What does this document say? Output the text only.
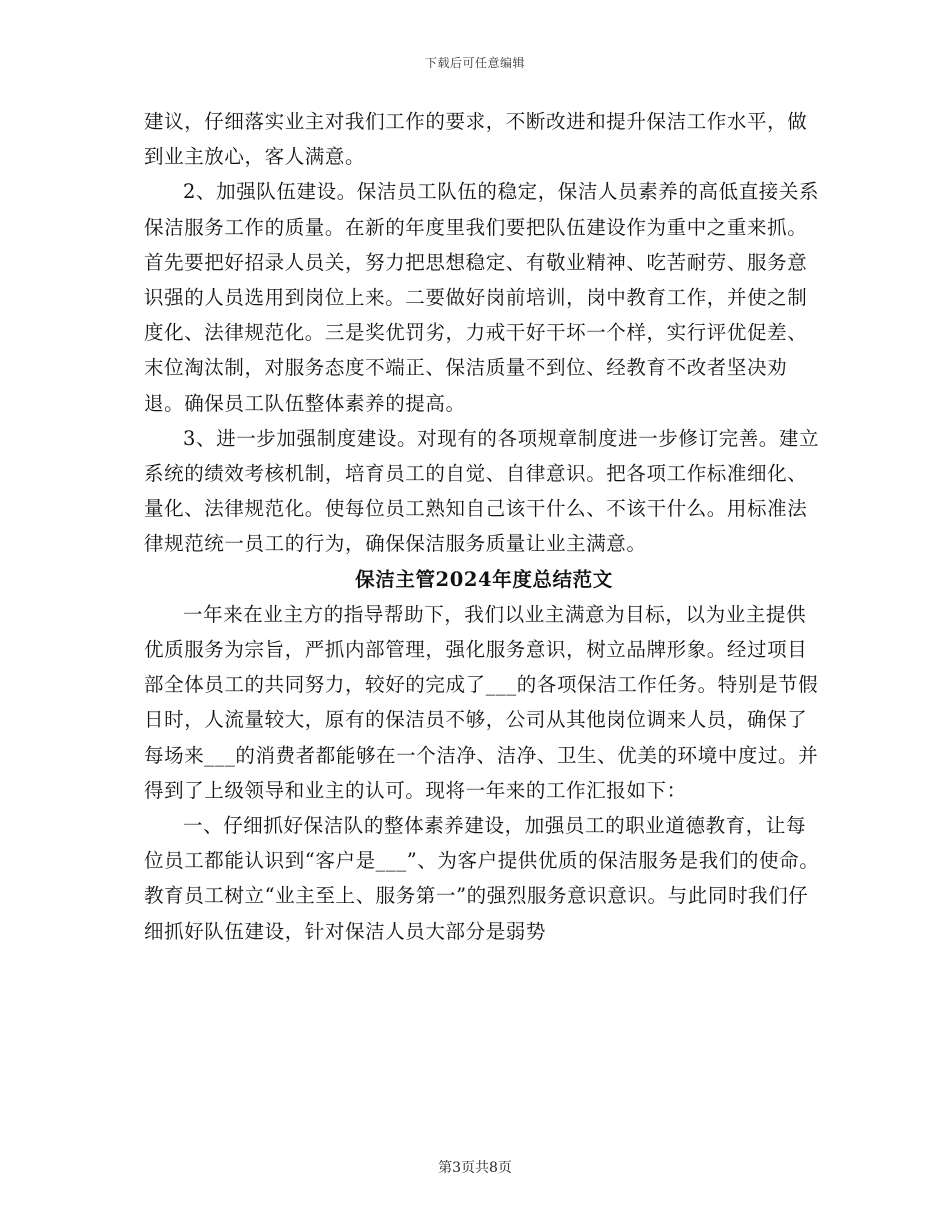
下载后可任意编辑

建议，仔细落实业主对我们工作的要求，不断改进和提升保洁工作水平，做到业主放心，客人满意。

2、加强队伍建设。保洁员工队伍的稳定，保洁人员素养的高低直接关系保洁服务工作的质量。在新的年度里我们要把队伍建设作为重中之重来抓。首先要把好招录人员关，努力把思想稳定、有敬业精神、吃苦耐劳、服务意识强的人员选用到岗位上来。二要做好岗前培训，岗中教育工作，并使之制度化、法律规范化。三是奖优罚劣，力戒干好干坏一个样，实行评优促差、末位淘汰制，对服务态度不端正、保洁质量不到位、经教育不改者坚决劝退。确保员工队伍整体素养的提高。

3、进一步加强制度建设。对现有的各项规章制度进一步修订完善。建立系统的绩效考核机制，培育员工的自觉、自律意识。把各项工作标准细化、量化、法律规范化。使每位员工熟知自己该干什么、不该干什么。用标准法律规范统一员工的行为，确保保洁服务质量让业主满意。

保洁主管2024年度总结范文

一年来在业主方的指导帮助下，我们以业主满意为目标，以为业主提供优质服务为宗旨，严抓内部管理，强化服务意识，树立品牌形象。经过项目部全体员工的共同努力，较好的完成了___的各项保洁工作任务。特别是节假日时，人流量较大，原有的保洁员不够，公司从其他岗位调来人员，确保了每场来___的消费者都能够在一个洁净、洁净、卫生、优美的环境中度过。并得到了上级领导和业主的认可。现将一年来的工作汇报如下：

一、仔细抓好保洁队的整体素养建设，加强员工的职业道德教育，让每位员工都能认识到“客户是___”、为客户提供优质的保洁服务是我们的使命。教育员工树立“业主至上、服务第一”的强烈服务意识意识。与此同时我们仔细抓好队伍建设，针对保洁人员大部分是弱势

第3页共8页
